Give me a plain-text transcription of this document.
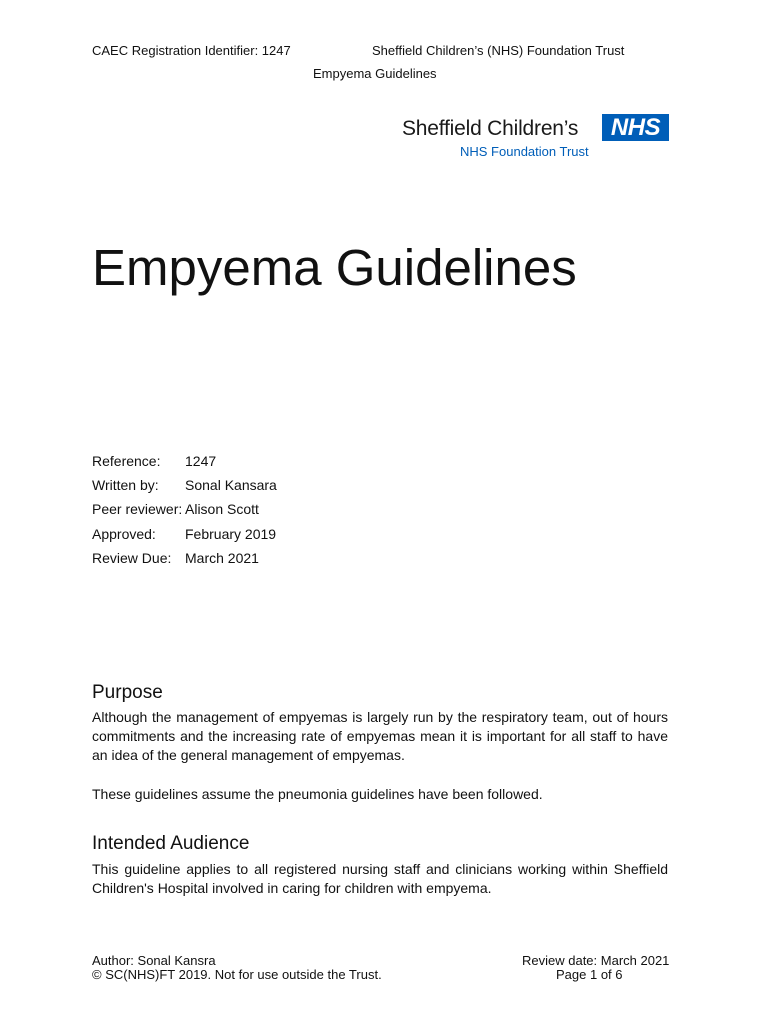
CAEC Registration Identifier: 1247	Sheffield Children’s (NHS) Foundation Trust
Empyema Guidelines
Sheffield Children’s	NHS
NHS Foundation Trust
Empyema Guidelines
Reference: 1247
Written by: Sonal Kansara
Peer reviewer: Alison Scott
Approved: February 2019
Review Due: March 2021
Purpose

Although the management of empyemas is largely run by the respiratory team, out of hours commitments and the increasing rate of empyemas mean it is important for all staff to have an idea of the general management of empyemas.

These guidelines assume the pneumonia guidelines have been followed.

Intended Audience

This guideline applies to all registered nursing staff and clinicians working within Sheffield Children's Hospital involved in caring for children with empyema.

Author: Sonal Kansra
© SC(NHS)FT 2019. Not for use outside the Trust.
Review date: March 2021
Page 1 of 6
